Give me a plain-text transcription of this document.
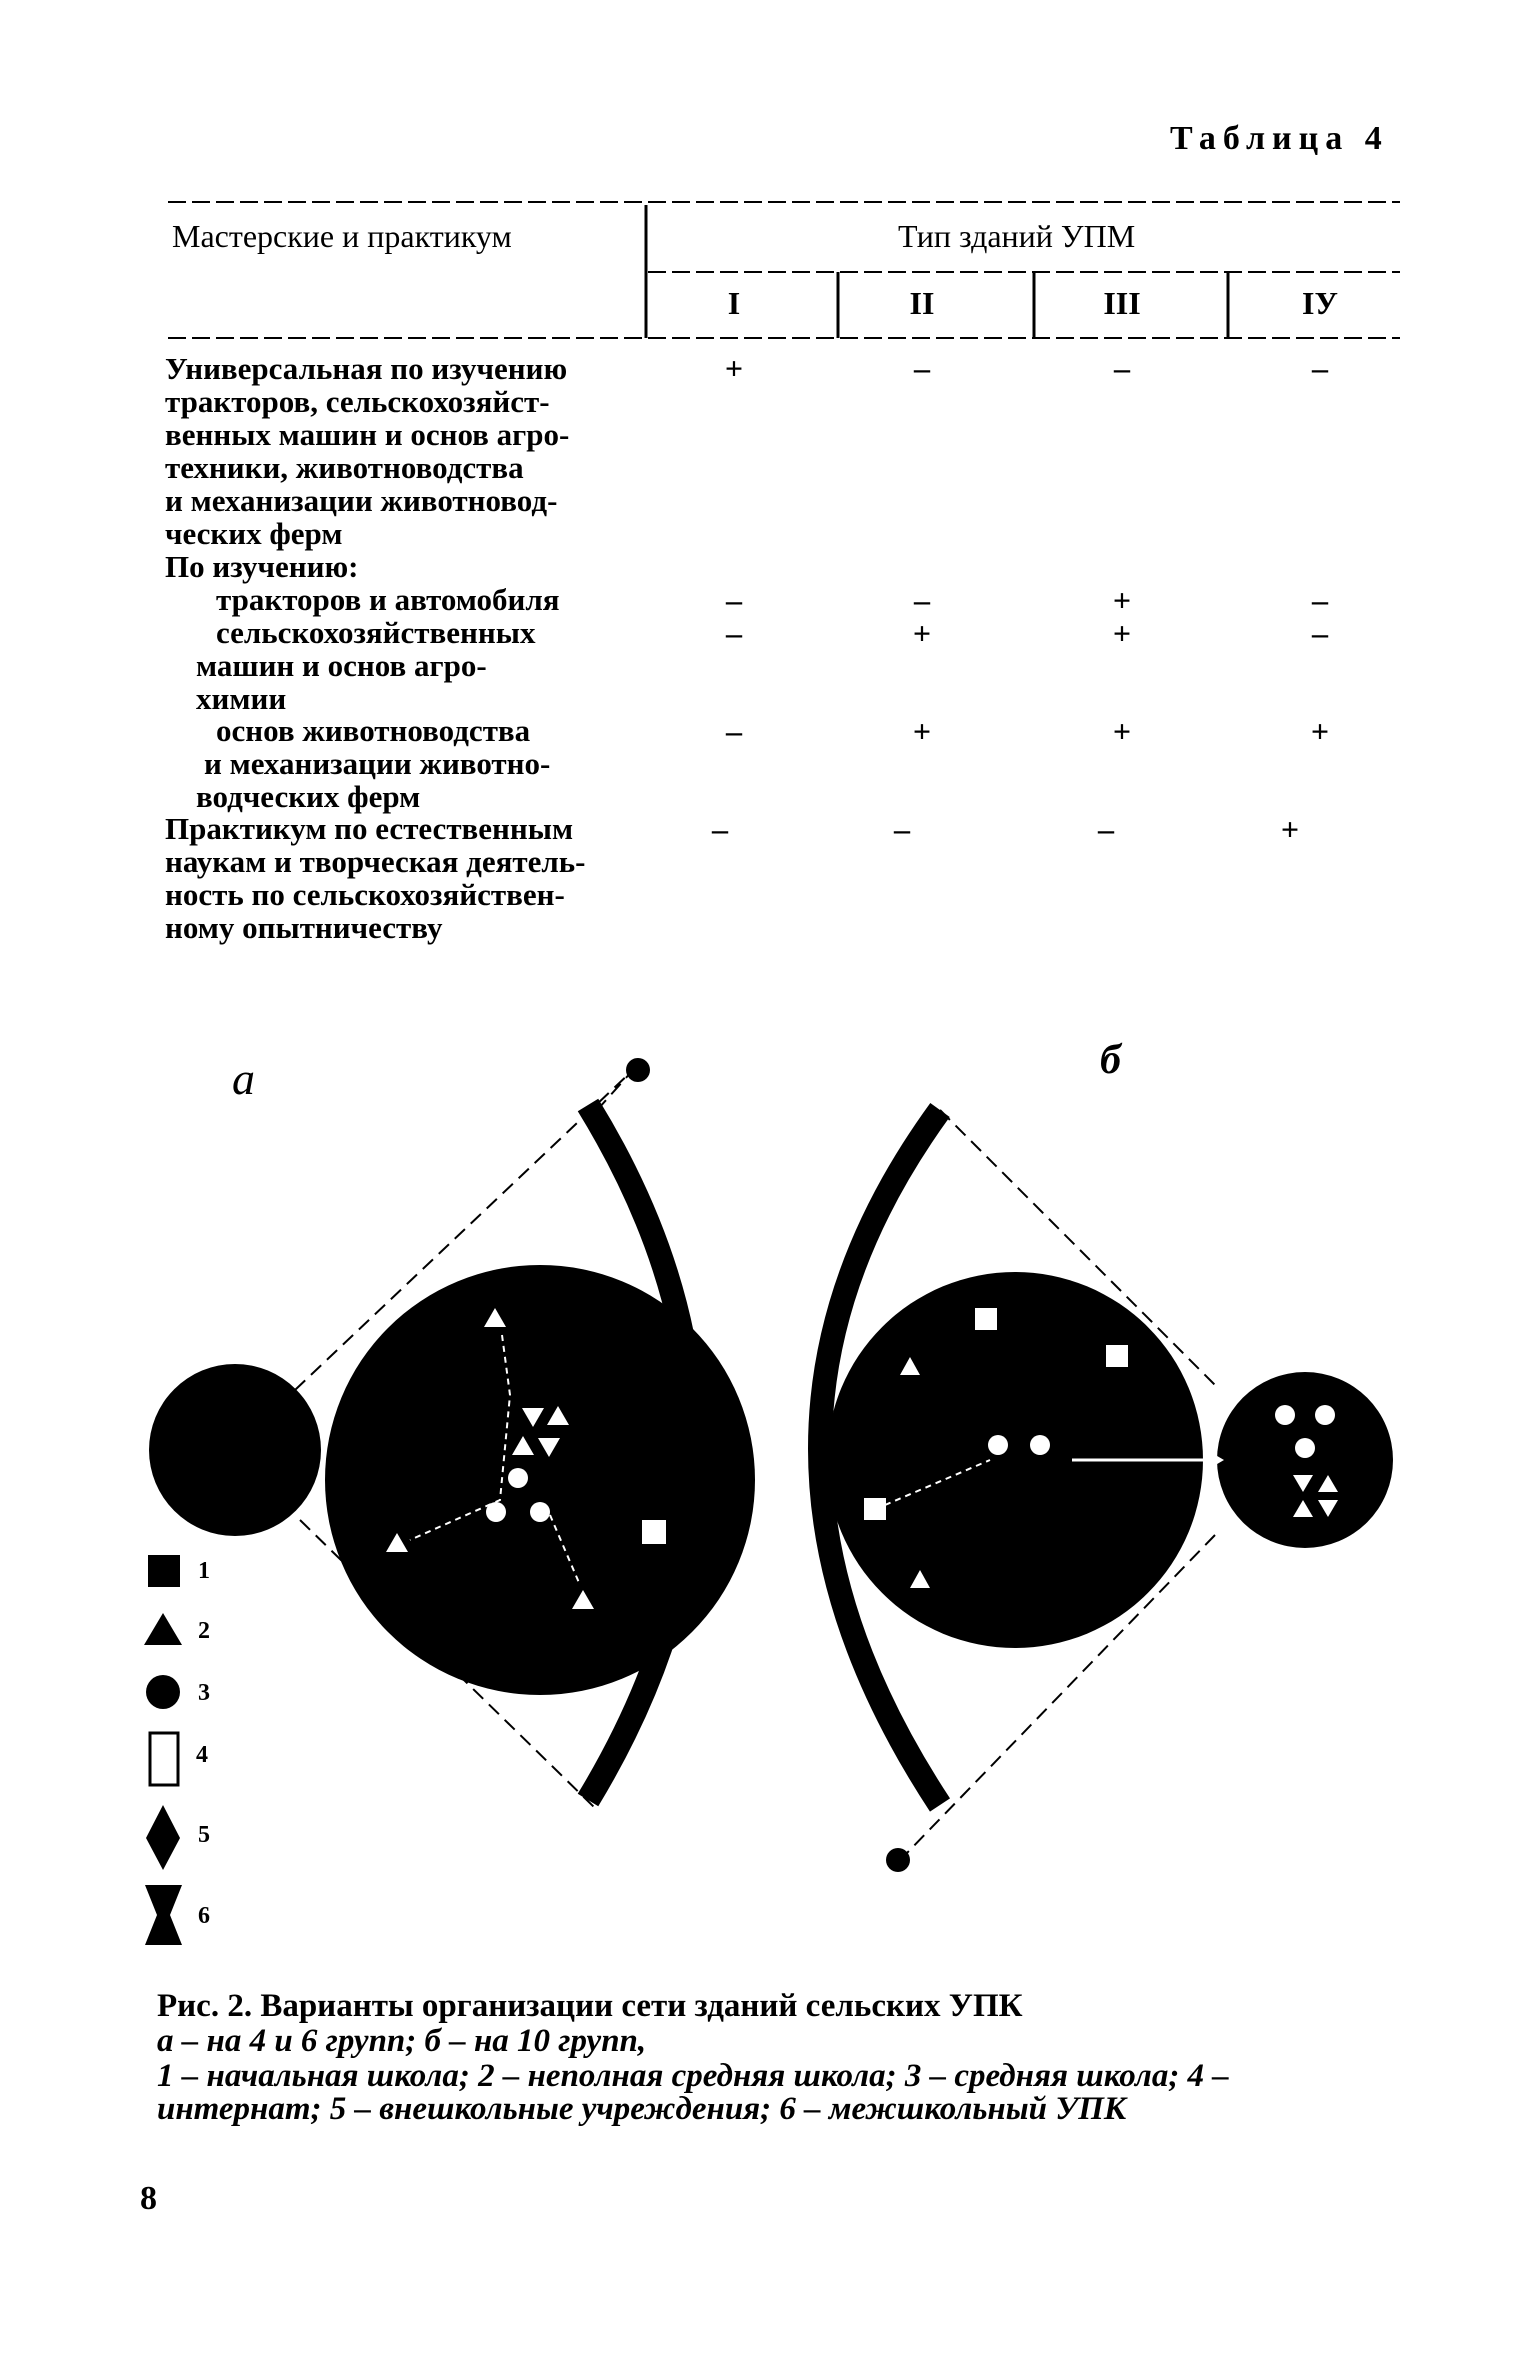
Таблица 4
Мастерские и практикум	Тип зданий УПМ
I	II	III	IУ
Универсальная по изучению
тракторов, сельскохозяйст-
венных машин и основ агро-
техники, животноводства
и механизации животновод-
ческих ферм
+	–	–	–
По изучению:
тракторов и автомобиля	–	–	+	–
сельскохозяйственных
машин и основ агро-
химии
–	+	+	–
основ животноводства
и механизации животно-
водческих ферм
–	+	+	+
Практикум по естественным
наукам и творческая деятель-
ность по сельскохозяйствен-
ному опытничеству
–	–	–	+
а	б
1
2
3
4
5
6
Рис. 2. Варианты организации сети зданий сельских УПК
а – на 4 и 6 групп; б – на 10 групп,
1 – начальная школа; 2 – неполная средняя школа; 3 – средняя школа; 4 –
интернат; 5 – внешкольные учреждения; 6 – межшкольный УПК
8
